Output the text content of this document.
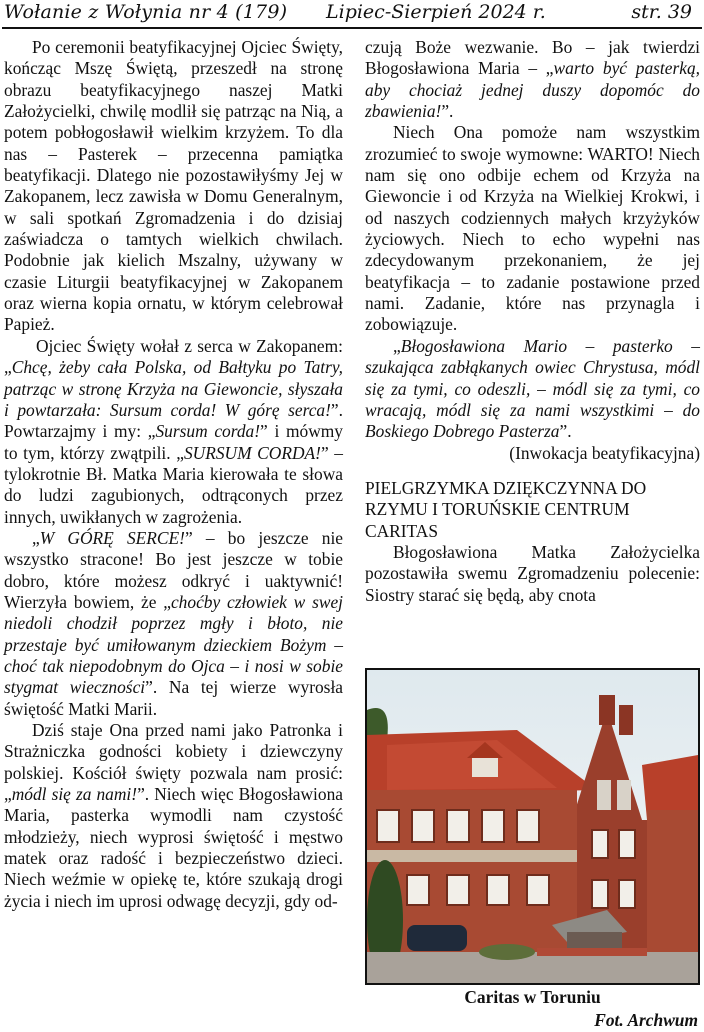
Wołanie z Wołynia nr 4 (179) Lipiec-Sierpień 2024 r.	str. 39

Po ceremonii beatyfikacyjnej Ojciec Święty, kończąc Mszę Świętą, przeszedł na stronę obrazu beatyfikacyjnego naszej Matki Założycielki, chwilę modlił się patrząc na Nią, a potem pobłogosławił wielkim krzyżem. To dla nas – Pasterek – przecenna pamiątka beatyfikacji. Dlatego nie pozostawiłyśmy Jej w Zakopanem, lecz zawisła w Domu Generalnym, w sali spotkań Zgromadzenia i do dzisiaj zaświadcza o tamtych wielkich chwilach. Podobnie jak kielich Mszalny, używany w czasie Liturgii beatyfikacyjnej w Zakopanem oraz wierna kopia ornatu, w którym celebrował Papież.

Ojciec Święty wołał z serca w Zakopanem: „Chcę, żeby cała Polska, od Bałtyku po Tatry, patrząc w stronę Krzyża na Giewoncie, słyszała i powtarzała: Sursum corda! W górę serca!”. Powtarzajmy i my: „Sursum corda!” i mówmy to tym, którzy zwątpili. „SURSUM CORDA!” – tylokrotnie Bł. Matka Maria kierowała te słowa do ludzi zagubionych, odtrąconych przez innych, uwikłanych w zagrożenia.

„W GÓRĘ SERCE!” – bo jeszcze nie wszystko stracone! Bo jest jeszcze w tobie dobro, które możesz odkryć i uaktywnić! Wierzyła bowiem, że „choćby człowiek w swej niedoli chodził poprzez mgły i błoto, nie przestaje być umiłowanym dzieckiem Bożym – choć tak niepodobnym do Ojca – i nosi w sobie stygmat wieczności”. Na tej wierze wyrosła świętość Matki Marii.

Dziś staje Ona przed nami jako Patronka i Strażniczka godności kobiety i dziewczyny polskiej. Kościół święty pozwala nam prosić: „módl się za nami!”. Niech więc Błogosławiona Maria, pasterka wymodli nam czystość młodzieży, niech wyprosi świętość i męstwo matek oraz radość i bezpieczeństwo dzieci. Niech weźmie w opiekę te, które szukają drogi życia i niech im uprosi odwagę decyzji, gdy od-

czują Boże wezwanie. Bo – jak twierdzi Błogosławiona Maria – „warto być pasterką, aby chociaż jednej duszy dopomóc do zbawienia!”.

Niech Ona pomoże nam wszystkim zrozumieć to swoje wymowne: WARTO! Niech nam się ono odbije echem od Krzyża na Giewoncie i od Krzyża na Wielkiej Krokwi, i od naszych codziennych małych krzyżyków życiowych. Niech to echo wypełni nas zdecydowanym przekonaniem, że jej beatyfikacja – to zadanie postawione przed nami. Zadanie, które nas przynagla i zobowiązuje.

„Błogosławiona Mario – pasterko – szukająca zabłąkanych owiec Chrystusa, módl się za tymi, co odeszli, – módl się za tymi, co wracają, módl się za nami wszystkimi – do Boskiego Dobrego Pasterza”.

(Inwokacja beatyfikacyjna)

PIELGRZYMKA DZIĘKCZYNNA DO RZYMU I TORUŃSKIE CENTRUM CARITAS

Błogosławiona Matka Założycielka pozostawiła swemu Zgromadzeniu polecenie: Siostry starać się będą, aby cnota

Caritas w Toruniu
Fot. Archwum
